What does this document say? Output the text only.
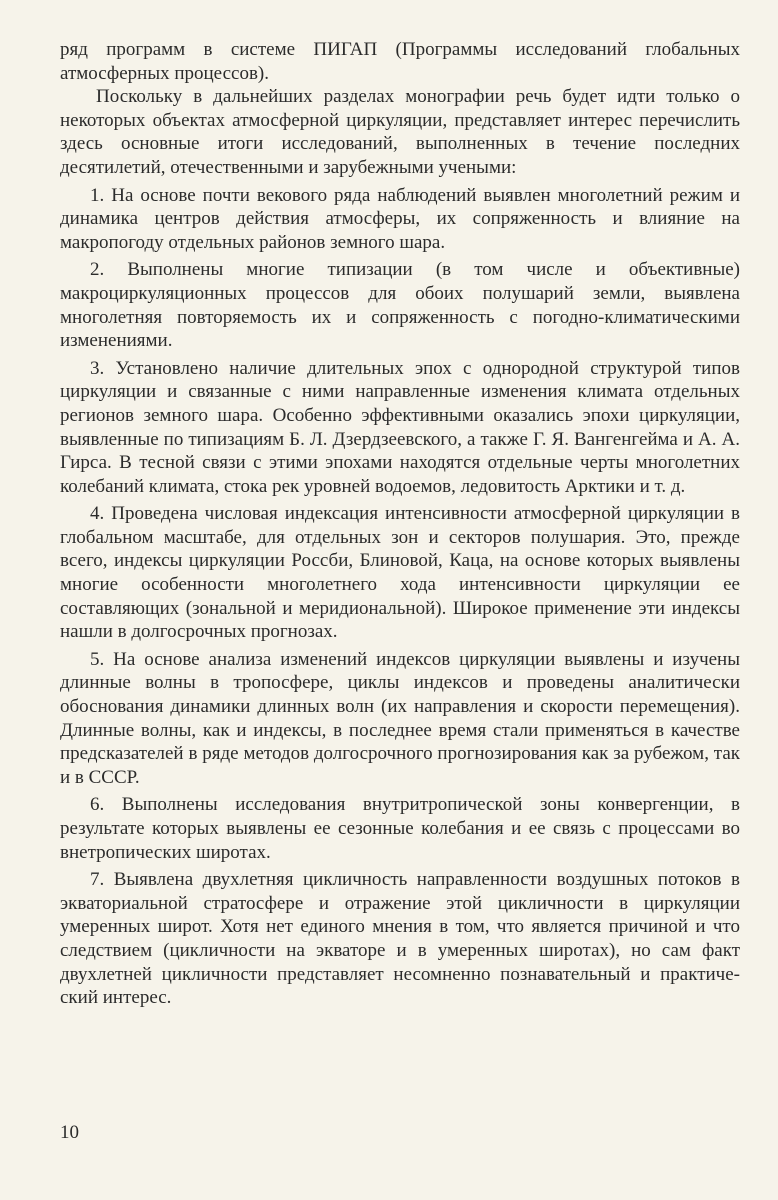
ряд программ в системе ПИГАП (Программы исследований глобальных атмосферных процессов).

Поскольку в дальнейших разделах монографии речь будет идти только о некоторых объектах атмосферной циркуляции, представляет интерес перечислить здесь основные итоги исследований, выполненных в течение последних десятилетий, отечественными и зарубежными учеными:

1. На основе почти векового ряда наблюдений выявлен многолетний режим и динамика центров действия атмосферы, их сопряженность и влияние на макропогоду отдельных районов земного шара.

2. Выполнены многие типизации (в том числе и объективные) макроциркуляционных процессов для обоих полушарий земли, выявлена многолетняя повторяемость их и сопряженность с погодно-климатическими изменениями.

3. Установлено наличие длительных эпох с однородной структурой типов циркуляции и связанные с ними направленные изменения климата отдельных регионов земного шара. Особенно эффективными оказались эпохи циркуляции, выявленные по типизациям Б. Л. Дзердзеевского, а также Г. Я. Вангенгейма и А. А. Гирса. В тесной связи с этими эпохами находятся отдельные черты многолетних колебаний климата, стока рек уровней водоемов, ледовитость Арктики и т. д.

4. Проведена числовая индексация интенсивности атмосферной циркуляции в глобальном масштабе, для отдельных зон и секторов полушария. Это, прежде всего, индексы циркуляции Россби, Блиновой, Каца, на основе которых выявлены многие особенности многолетнего хода интенсивности циркуляции ее составляющих (зональной и меридиональной). Широкое применение эти индексы нашли в долгосрочных прогнозах.

5. На основе анализа изменений индексов циркуляции выявлены и изучены длинные волны в тропосфере, циклы индексов и проведены аналитически обоснования динамики длинных волн (их направления и скорости перемещения). Длинные волны, как и индексы, в последнее время стали применяться в качестве предсказателей в ряде методов долгосрочного прогнозирования как за рубежом, так и в СССР.

6. Выполнены исследования внутритропической зоны конвергенции, в результате которых выявлены ее сезонные колебания и ее связь с процессами во внетропических широтах.

7. Выявлена двухлетняя цикличность направленности воздушных потоков в экваториальной стратосфере и отражение этой цикличности в циркуляции умеренных широт. Хотя нет единого мнения в том, что является причиной и что следствием (цикличности на экваторе и в умеренных широтах), но сам факт двухлетней цикличности представляет несомненно познавательный и практический интерес.

10
